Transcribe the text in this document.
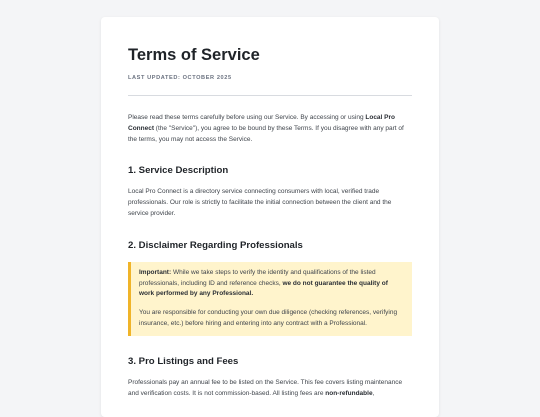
Terms of Service
LAST UPDATED: OCTOBER 2025

Please read these terms carefully before using our Service. By accessing or using Local Pro Connect (the "Service"), you agree to be bound by these Terms. If you disagree with any part of the terms, you may not access the Service.

1. Service Description

Local Pro Connect is a directory service connecting consumers with local, verified trade professionals. Our role is strictly to facilitate the initial connection between the client and the service provider.

2. Disclaimer Regarding Professionals

Important: While we take steps to verify the identity and qualifications of the listed professionals, including ID and reference checks, we do not guarantee the quality of work performed by any Professional.

You are responsible for conducting your own due diligence (checking references, verifying insurance, etc.) before hiring and entering into any contract with a Professional.

3. Pro Listings and Fees

Professionals pay an annual fee to be listed on the Service. This fee covers listing maintenance and verification costs. It is not commission-based. All listing fees are non-refundable,
